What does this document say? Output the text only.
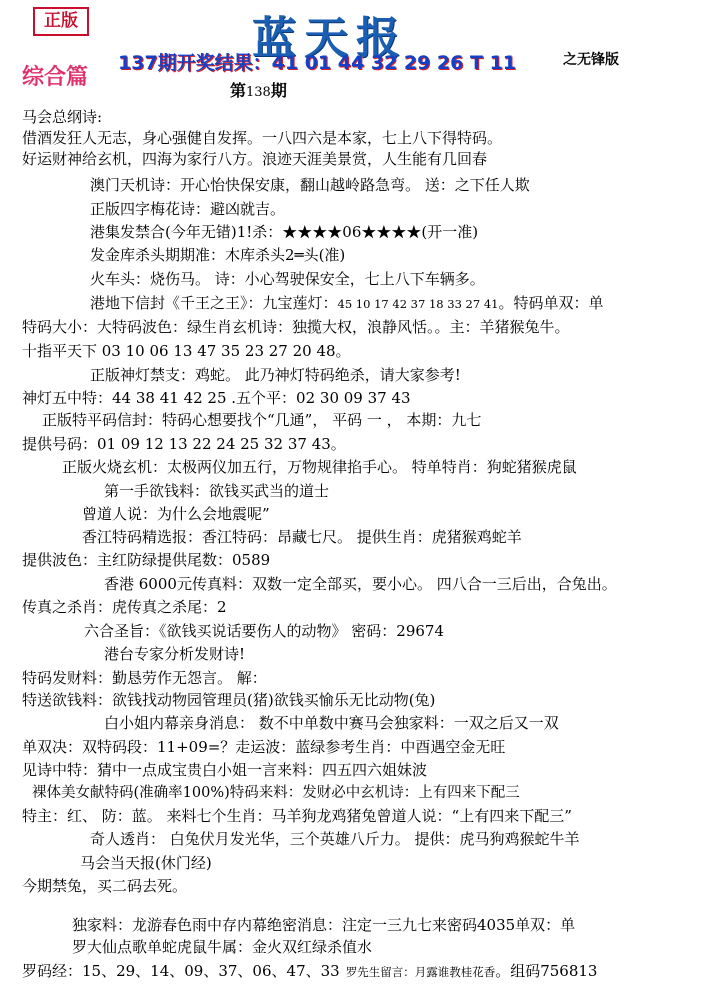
正版	蓝天报
137期开奖结果：41 01 44 32 29 26 T 11	之无锋版
综合篇
第138期
马会总纲诗:
借酒发狂人无志，身心强健自发挥。一八四六是本家，七上八下得特码。
好运财神给玄机，四海为家行八方。浪迹天涯美景赏，人生能有几回春
澳门天机诗：开心怡快保安康，翻山越岭路急弯。 送：之下任人欺
正版四字梅花诗：避凶就吉。
港集发禁合(今年无错)1!杀：★★★★06★★★★(开一准)
发金库杀头期期准：木库杀头2═头(准)
火车头：烧伤马。 诗：小心驾驶保安全，七上八下车辆多。
港地下信封《千王之王》：九宝莲灯：45 10 17 42 37 18 33 27 41。特码单双：单
特码大小：大特码波色：绿生肖玄机诗：独揽大权，浪静风恬。。主：羊猪猴兔牛。
十指平天下 03 10 06 13 47 35 23 27 20 48。
正版神灯禁支：鸡蛇。 此乃神灯特码绝杀，请大家参考!
神灯五中特：44 38 41 42 25 .五个平：02 30 09 37 43
正版特平码信封：特码心想要找个“几通”， 平码 一 ， 本期：九七
提供号码：01 09 12 13 22 24 25 32 37 43。
正版火烧玄机：太极两仪加五行，万物规律掐手心。 特单特肖：狗蛇猪猴虎鼠
第一手欲钱料：欲钱买武当的道士
曾道人说：为什么会地震呢”
香江特码精选报：香江特码：昂藏七尺。 提供生肖：虎猪猴鸡蛇羊
提供波色：主红防绿提供尾数：0589
香港 6000元传真料：双数一定全部买，要小心。 四八合一三后出，合兔出。
传真之杀肖：虎传真之杀尾：2
六合圣旨：《欲钱买说话要伤人的动物》 密码：29674
港台专家分析发财诗!
特码发财料：勤恳劳作无怨言。 解：
特送欲钱料：欲钱找动物园管理员(猪)欲钱买愉乐无比动物(兔)
白小姐内幕亲身消息： 数不中单数中赛马会独家料：一双之后又一双
单双决：双特码段：11+09=？走运波：蓝绿参考生肖：中酉遇空金无旺
见诗中特：猜中一点成宝贵白小姐一言来料：四五四六姐妹波
裸体美女献特码(准确率100%)特码来料：发财必中玄机诗：上有四来下配三
特主：红、 防：蓝。 来料七个生肖：马羊狗龙鸡猪兔曾道人说：“上有四来下配三”
奇人透肖： 白兔伏月发光华，三个英雄八斤力。 提供：虎马狗鸡猴蛇牛羊
马会当天报(休门经)
今期禁兔，买二码去死。
独家料：龙游春色雨中存内幕绝密消息：注定一三九七来密码4035单双：单
罗大仙点歌单蛇虎鼠牛属：金火双红绿杀值水
罗码经：15、29、14、09、37、06、47、33 罗先生留言：月露谁教桂花香。组码756813
